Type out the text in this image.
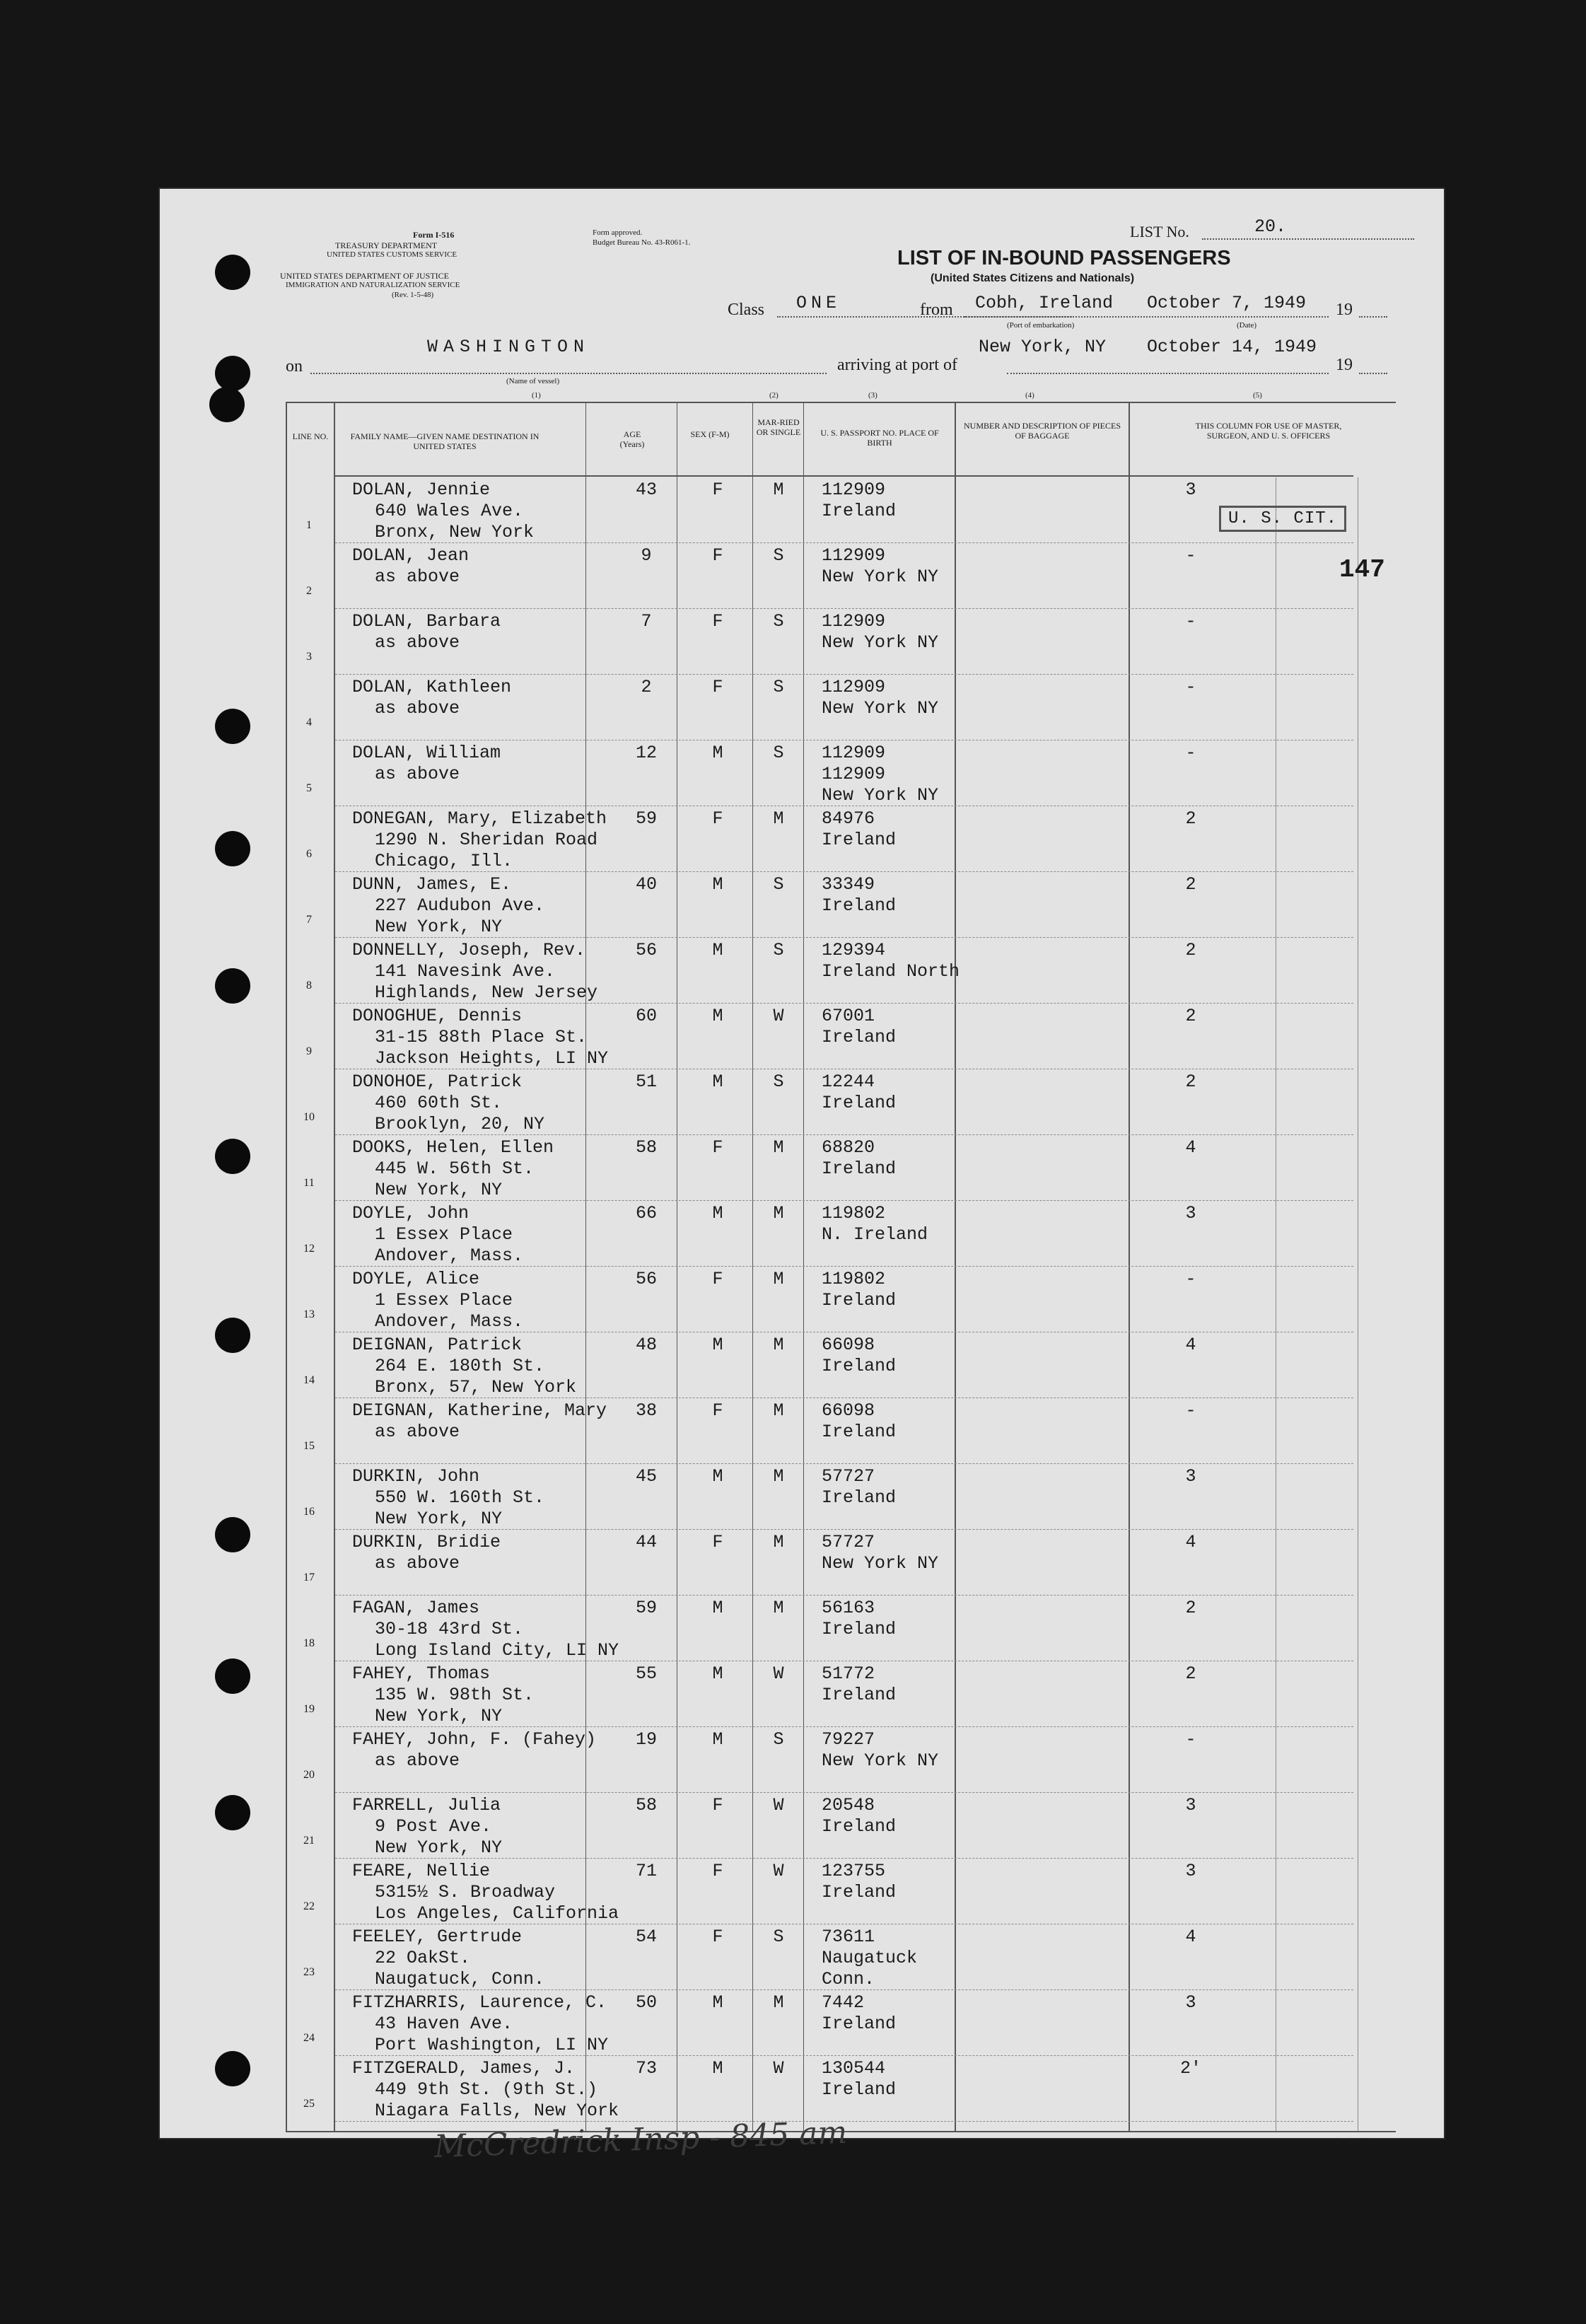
Form I-516
TREASURY DEPARTMENT
UNITED STATES CUSTOMS SERVICE
UNITED STATES DEPARTMENT OF JUSTICE
IMMIGRATION AND NATURALIZATION SERVICE
(Rev. 1-5-48)
Form approved.
Budget Bureau No. 43-R061-1.
LIST No.	20.
LIST OF IN-BOUND PASSENGERS
(United States Citizens and Nationals)
Class ONE	from Cobh, Ireland October 7, 1949 19
(Port of embarkation)	(Date)
on
WASHINGTON
(Name of vessel)
arriving at port of
New York, NY October 14, 1949
19
(1)	(2)	(3)	(4)	(5)
LINE NO.	FAMILY NAME—GIVEN NAME DESTINATION IN UNITED STATES
AGE (Years)
SEX (F-M)
MAR-RIED OR SINGLE	U. S. PASSPORT NO. PLACE OF BIRTH
NUMBER AND DESCRIPTION OF PIECES OF BAGGAGE
THIS COLUMN FOR USE OF MASTER, SURGEON, AND U. S. OFFICERS
1
DOLAN, Jennie
640 Wales Ave.
Bronx, New York
43	F	M	112909
Ireland
3
2
DOLAN, Jean
as above
9	F	S	112909
New York NY
-
3
DOLAN, Barbara
as above
7	F	S	112909
New York NY
-
4
DOLAN, Kathleen
as above
2	F	S	112909
New York NY
-
5
DOLAN, William
as above
12	M	S	112909
112909
New York NY
-
6
DONEGAN, Mary, Elizabeth
1290 N. Sheridan Road
Chicago, Ill.
59	F	M	84976
Ireland
2
7
DUNN, James, E.
227 Audubon Ave.
New York, NY
40	M	S	33349
Ireland
2
8
DONNELLY, Joseph, Rev.
141 Navesink Ave.
Highlands, New Jersey
56	M	S	129394
Ireland North
2
9
DONOGHUE, Dennis
31-15 88th Place St.
Jackson Heights, LI NY
60	M	W	67001
Ireland
2
10
DONOHOE, Patrick
460 60th St.
Brooklyn, 20, NY
51	M	S	12244
Ireland
2
11
DOOKS, Helen, Ellen
445 W. 56th St.
New York, NY
58	F	M	68820
Ireland
4
12
DOYLE, John
1 Essex Place
Andover, Mass.
66	M	M	119802
N. Ireland
3
13
DOYLE, Alice
1 Essex Place
Andover, Mass.
56	F	M	119802
Ireland
-
14
DEIGNAN, Patrick
264 E. 180th St.
Bronx, 57, New York
48	M	M	66098
Ireland
4
15
DEIGNAN, Katherine, Mary
as above
38	F	M	66098
Ireland
-
16
DURKIN, John
550 W. 160th St.
New York, NY
45	M	M	57727
Ireland
3
17
DURKIN, Bridie
as above
44	F	M	57727
New York NY
4
18
FAGAN, James
30-18 43rd St.
Long Island City, LI NY
59	M	M	56163
Ireland
2
19
FAHEY, Thomas
135 W. 98th St.
New York, NY
55	M	W	51772
Ireland
2
20
FAHEY, John, F. (Fahey)
as above
19	M	S	79227
New York NY
-
21
FARRELL, Julia
9 Post Ave.
New York, NY
58	F	W	20548
Ireland
3
22
FEARE, Nellie
5315½ S. Broadway
Los Angeles, California
71	F	W	123755
Ireland
3
23
FEELEY, Gertrude
22 OakSt.
Naugatuck, Conn.
54	F	S	73611
Naugatuck
Conn.
4
24
FITZHARRIS, Laurence, C.
43 Haven Ave.
Port Washington, LI NY
50	M	M	7442
Ireland
3
25
FITZGERALD, James, J.
449 9th St. (9th St.)
Niagara Falls, New York
73	M	W	130544
Ireland
2'
U. S. CIT.
147
16—64652-1
McCredrick Insp - 845 am
